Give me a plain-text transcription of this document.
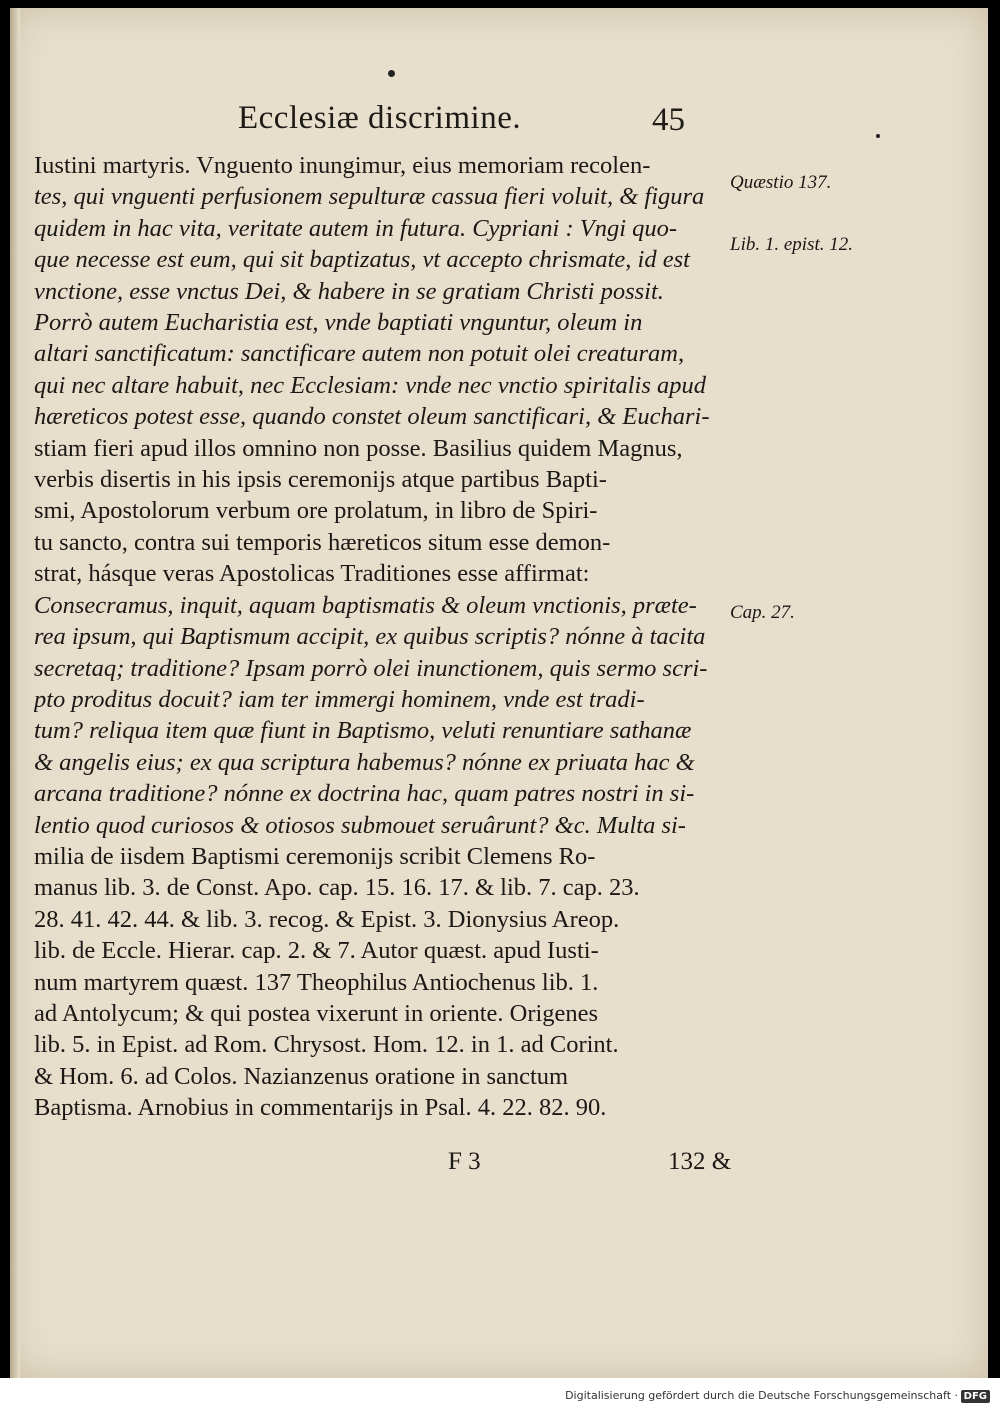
Ecclesiæ discrimine.	45
Iustini martyris. Vnguento inungimur, eius memoriam recolen-
tes, qui vnguenti perfusionem sepulturæ cassua fieri voluit, & figura
quidem in hac vita, veritate autem in futura. Cypriani : Vngi quo-
que necesse est eum, qui sit baptizatus, vt accepto chrismate, id est
vnctione, esse vnctus Dei, & habere in se gratiam Christi possit.
Porrò autem Eucharistia est, vnde baptiati vnguntur, oleum in
altari sanctificatum: sanctificare autem non potuit olei creaturam,
qui nec altare habuit, nec Ecclesiam: vnde nec vnctio spiritalis apud
hæreticos potest esse, quando constet oleum sanctificari, & Euchari-
stiam fieri apud illos omnino non posse. Basilius quidem Magnus,
verbis disertis in his ipsis ceremonijs atque partibus Bapti-
smi, Apostolorum verbum ore prolatum, in libro de Spiri-
tu sancto, contra sui temporis hæreticos situm esse demon-
strat, hásque veras Apostolicas Traditiones esse affirmat:
Consecramus, inquit, aquam baptismatis & oleum vnctionis, præte-
rea ipsum, qui Baptismum accipit, ex quibus scriptis? nónne à tacita
secretaq; traditione? Ipsam porrò olei inunctionem, quis sermo scri-
pto proditus docuit? iam ter immergi hominem, vnde est tradi-
tum? reliqua item quæ fiunt in Baptismo, veluti renuntiare sathanæ
& angelis eius; ex qua scriptura habemus? nónne ex priuata hac &
arcana traditione? nónne ex doctrina hac, quam patres nostri in si-
lentio quod curiosos & otiosos submouet seruârunt? &c. Multa si-
milia de iisdem Baptismi ceremonijs scribit Clemens Ro-
manus lib. 3. de Const. Apo. cap. 15. 16. 17. & lib. 7. cap. 23.
28. 41. 42. 44. & lib. 3. recog. & Epist. 3. Dionysius Areop.
lib. de Eccle. Hierar. cap. 2. & 7. Autor quæst. apud Iusti-
num martyrem quæst. 137 Theophilus Antiochenus lib. 1.
ad Antolycum; & qui postea vixerunt in oriente. Origenes
lib. 5. in Epist. ad Rom. Chrysost. Hom. 12. in 1. ad Corint.
& Hom. 6. ad Colos. Nazianzenus oratione in sanctum
Baptisma. Arnobius in commentarijs in Psal. 4. 22. 82. 90.
Quæstio 137.
Lib. 1. epist. 12.
Cap. 27.
F 3	132 &
Digitalisierung gefördert durch die Deutsche Forschungsgemeinschaft · DFG
